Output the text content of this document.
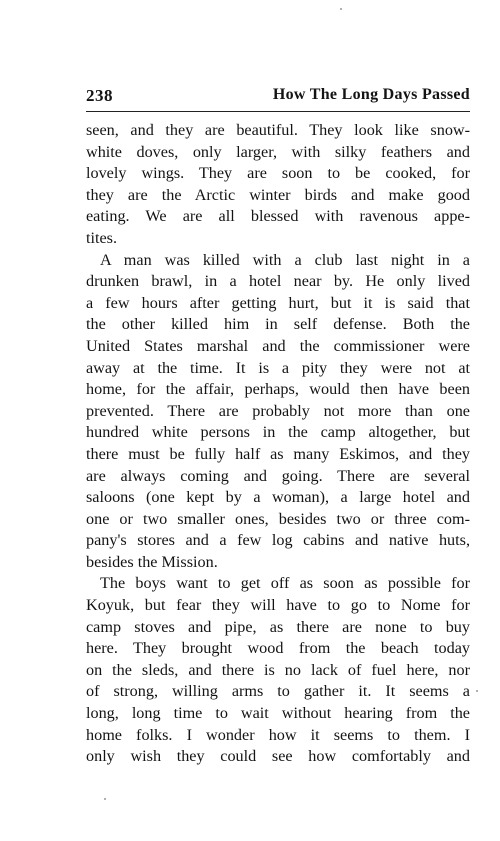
238	How The Long Days Passed
seen, and they are beautiful. They look like snow-
white doves, only larger, with silky feathers and
lovely wings. They are soon to be cooked, for
they are the Arctic winter birds and make good
eating. We are all blessed with ravenous appe-
tites.
A man was killed with a club last night in a
drunken brawl, in a hotel near by. He only lived
a few hours after getting hurt, but it is said that
the other killed him in self defense. Both the
United States marshal and the commissioner were
away at the time. It is a pity they were not at
home, for the affair, perhaps, would then have been
prevented. There are probably not more than one
hundred white persons in the camp altogether, but
there must be fully half as many Eskimos, and they
are always coming and going. There are several
saloons (one kept by a woman), a large hotel and
one or two smaller ones, besides two or three com-
pany's stores and a few log cabins and native huts,
besides the Mission.
The boys want to get off as soon as possible for
Koyuk, but fear they will have to go to Nome for
camp stoves and pipe, as there are none to buy
here. They brought wood from the beach today
on the sleds, and there is no lack of fuel here, nor
of strong, willing arms to gather it. It seems a
long, long time to wait without hearing from the
home folks. I wonder how it seems to them. I
only wish they could see how comfortably and
